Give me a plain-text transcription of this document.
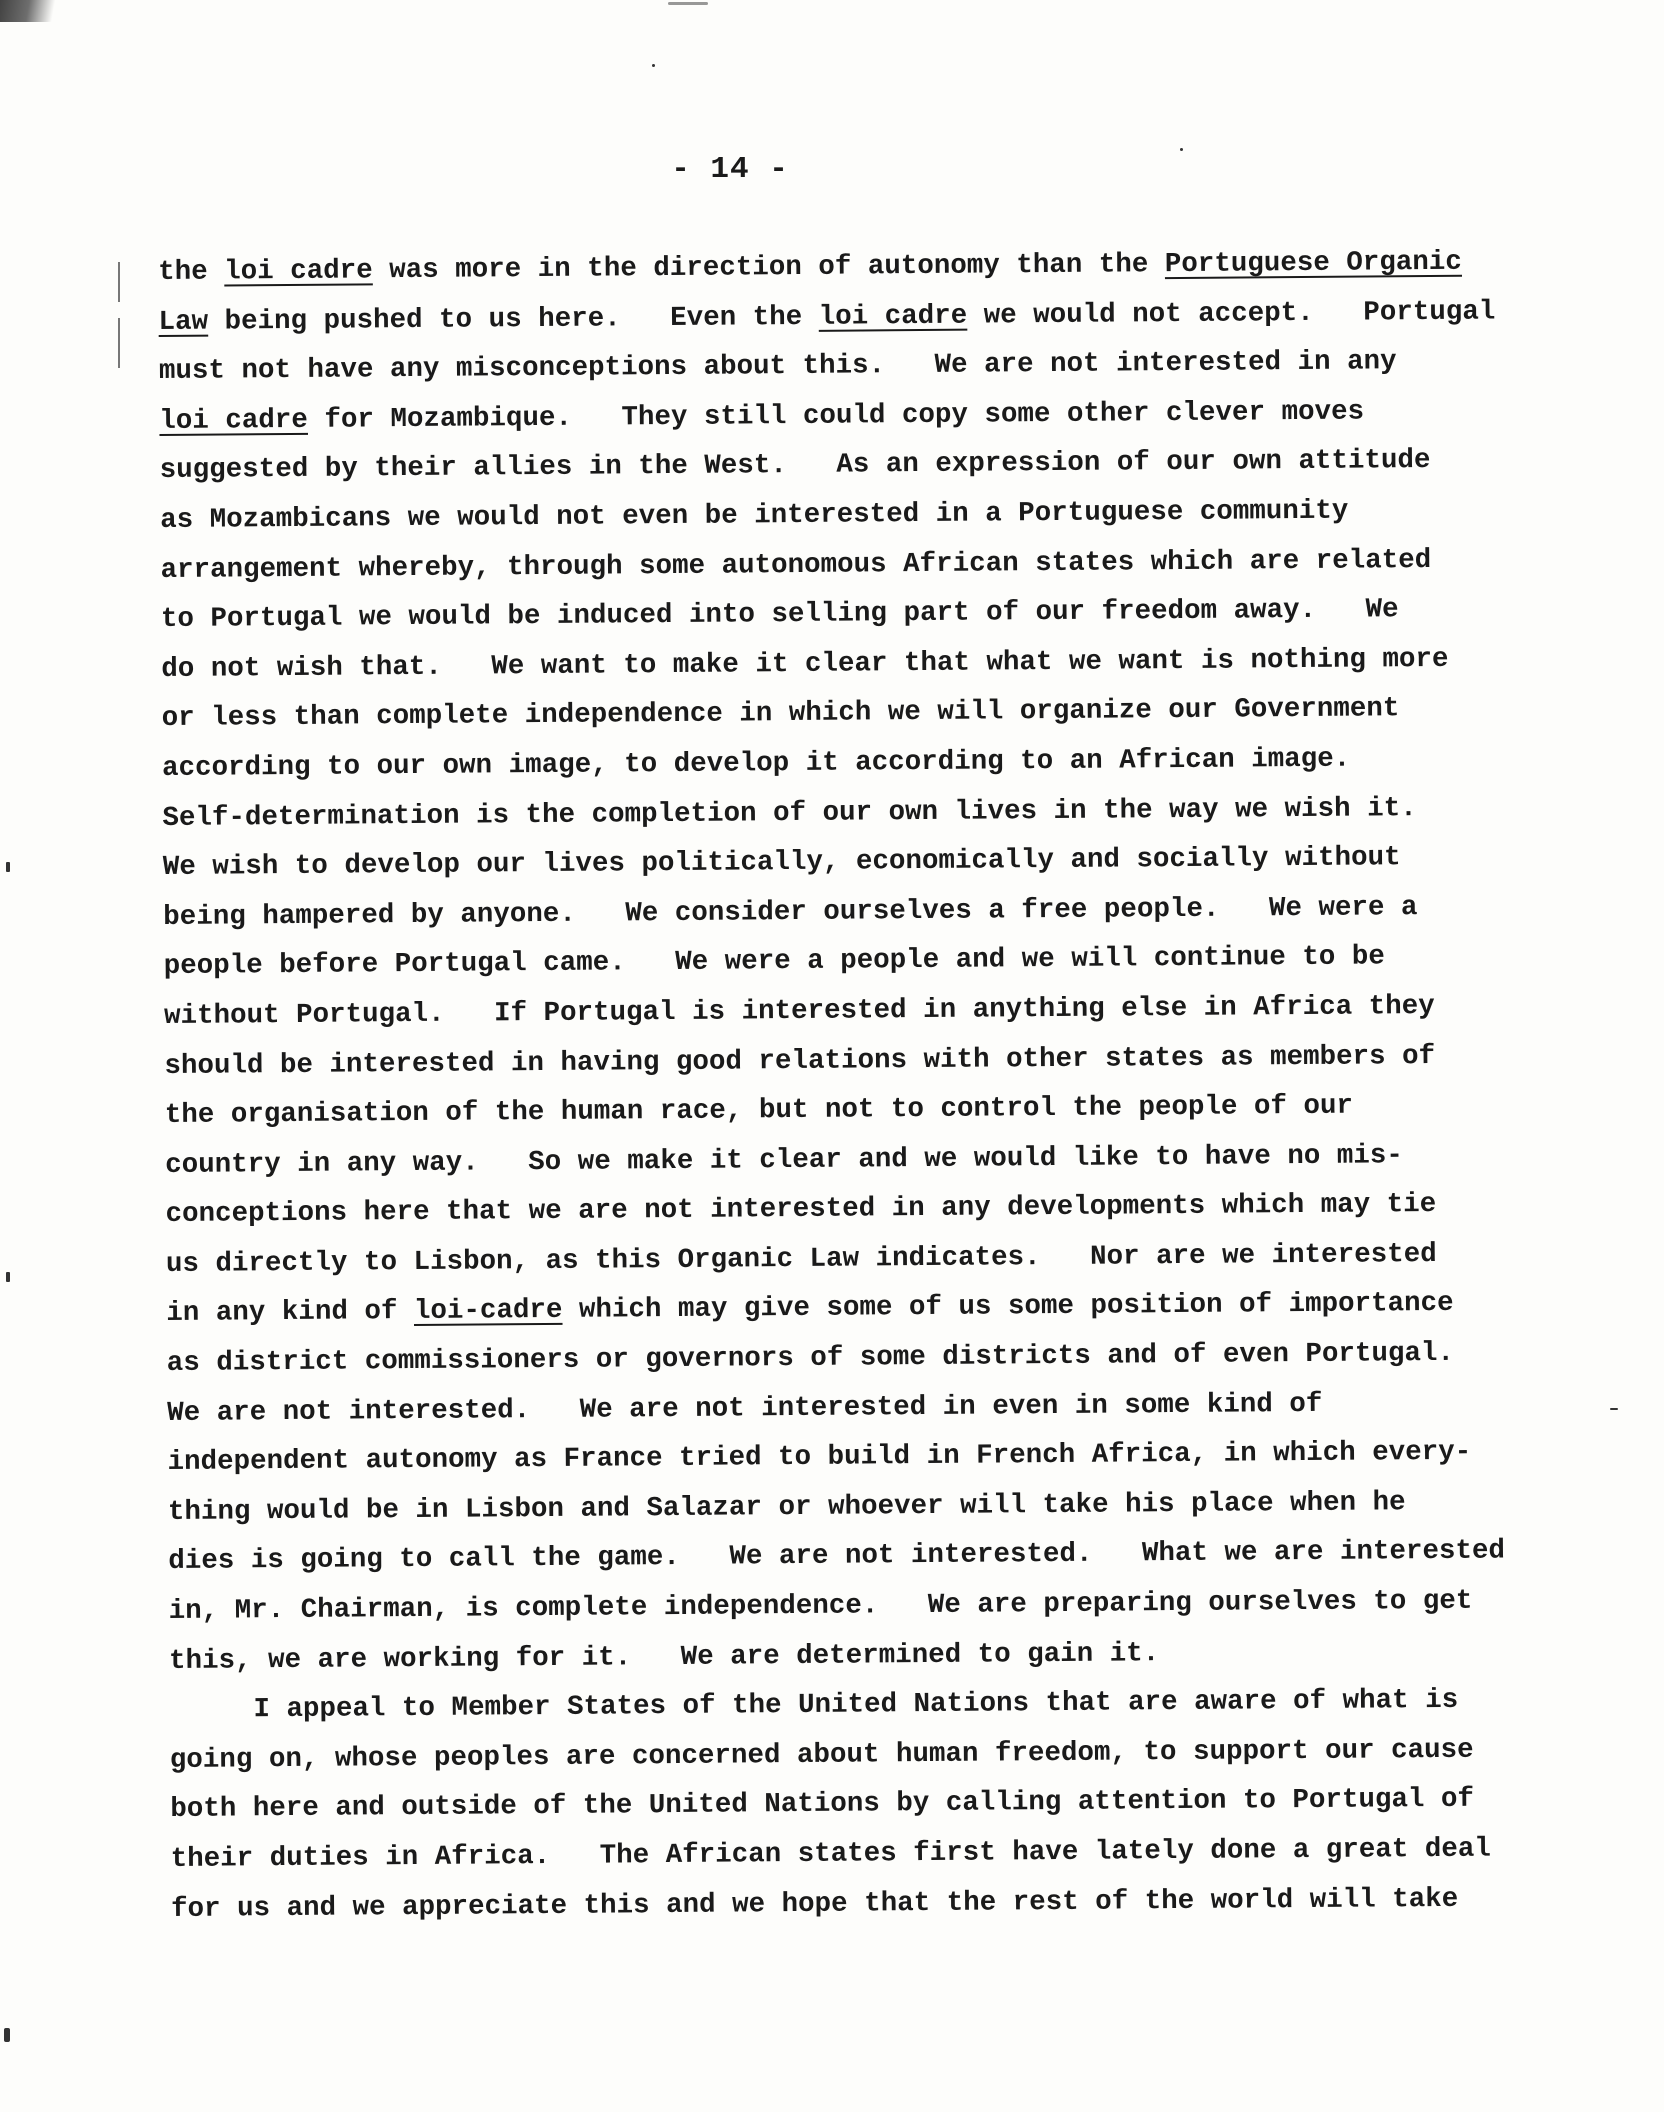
- 14 -
the loi cadre was more in the direction of autonomy than the Portuguese Organic
Law being pushed to us here.   Even the loi cadre we would not accept.   Portugal
must not have any misconceptions about this.   We are not interested in any
loi cadre for Mozambique.   They still could copy some other clever moves
suggested by their allies in the West.   As an expression of our own attitude
as Mozambicans we would not even be interested in a Portuguese community
arrangement whereby, through some autonomous African states which are related
to Portugal we would be induced into selling part of our freedom away.   We
do not wish that.   We want to make it clear that what we want is nothing more
or less than complete independence in which we will organize our Government
according to our own image, to develop it according to an African image.
Self-determination is the completion of our own lives in the way we wish it.
We wish to develop our lives politically, economically and socially without
being hampered by anyone.   We consider ourselves a free people.   We were a
people before Portugal came.   We were a people and we will continue to be
without Portugal.   If Portugal is interested in anything else in Africa they
should be interested in having good relations with other states as members of
the organisation of the human race, but not to control the people of our
country in any way.   So we make it clear and we would like to have no mis-
conceptions here that we are not interested in any developments which may tie
us directly to Lisbon, as this Organic Law indicates.   Nor are we interested
in any kind of loi-cadre which may give some of us some position of importance
as district commissioners or governors of some districts and of even Portugal.
We are not interested.   We are not interested in even in some kind of
independent autonomy as France tried to build in French Africa, in which every-
thing would be in Lisbon and Salazar or whoever will take his place when he
dies is going to call the game.   We are not interested.   What we are interested
in, Mr. Chairman, is complete independence.   We are preparing ourselves to get
this, we are working for it.   We are determined to gain it.
I appeal to Member States of the United Nations that are aware of what is
going on, whose peoples are concerned about human freedom, to support our cause
both here and outside of the United Nations by calling attention to Portugal of
their duties in Africa.   The African states first have lately done a great deal
for us and we appreciate this and we hope that the rest of the world will take
